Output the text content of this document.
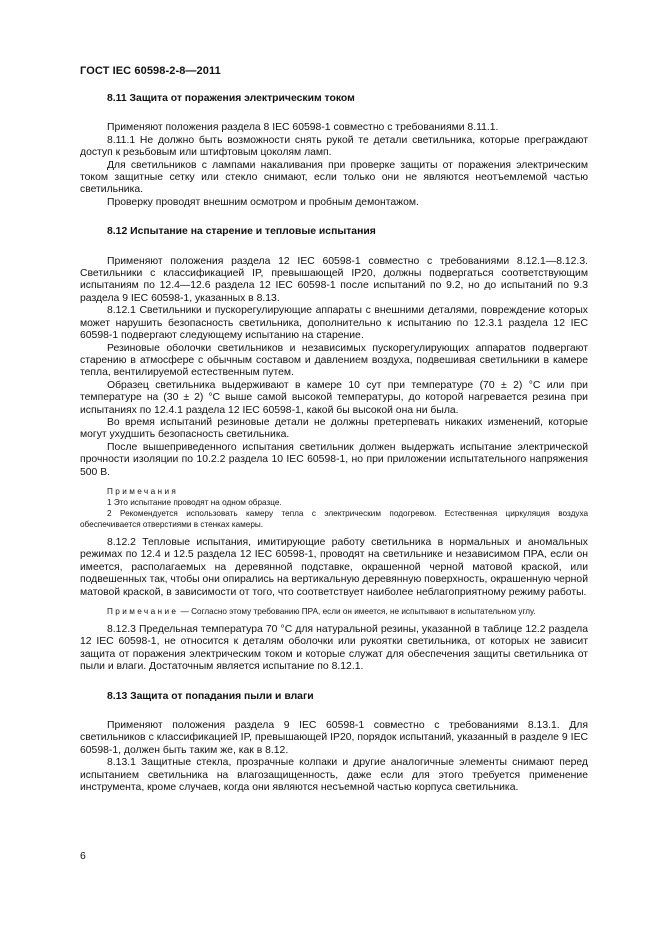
ГОСТ IEC 60598-2-8—2011
8.11 Защита от поражения электрическим током

Применяют положения раздела 8 IEC 60598-1 совместно с требованиями 8.11.1.

8.11.1 Не должно быть возможности снять рукой те детали светильника, которые преграждают доступ к резьбовым или штифтовым цоколям ламп.

Для светильников с лампами накаливания при проверке защиты от поражения электрическим током защитные сетку или стекло снимают, если только они не являются неотъемлемой частью светильника.

Проверку проводят внешним осмотром и пробным демонтажом.

8.12 Испытание на старение и тепловые испытания

Применяют положения раздела 12 IEC 60598-1 совместно с требованиями 8.12.1—8.12.3. Светильники с классификацией IP, превышающей IP20, должны подвергаться соответствующим испытаниям по 12.4—12.6 раздела 12 IEC 60598-1 после испытаний по 9.2, но до испытаний по 9.3 раздела 9 IEC 60598-1, указанных в 8.13.

8.12.1 Светильники и пускорегулирующие аппараты с внешними деталями, повреждение которых может нарушить безопасность светильника, дополнительно к испытанию по 12.3.1 раздела 12 IEC 60598-1 подвергают следующему испытанию на старение.

Резиновые оболочки светильников и независимых пускорегулирующих аппаратов подвергают старению в атмосфере с обычным составом и давлением воздуха, подвешивая светильники в камере тепла, вентилируемой естественным путем.

Образец светильника выдерживают в камере 10 сут при температуре (70 ± 2) °С или при температуре на (30 ± 2) °С выше самой высокой температуры, до которой нагревается резина при испытаниях по 12.4.1 раздела 12 IEC 60598-1, какой бы высокой она ни была.

Во время испытаний резиновые детали не должны претерпевать никаких изменений, которые могут ухудшить безопасность светильника.

После вышеприведенного испытания светильник должен выдержать испытание электрической прочности изоляции по 10.2.2 раздела 10 IEC 60598-1, но при приложении испытательного напряжения 500 В.

Примечания

1 Это испытание проводят на одном образце.

2 Рекомендуется использовать камеру тепла с электрическим подогревом. Естественная циркуляция воздуха обеспечивается отверстиями в стенках камеры.

8.12.2 Тепловые испытания, имитирующие работу светильника в нормальных и аномальных режимах по 12.4 и 12.5 раздела 12 IEC 60598-1, проводят на светильнике и независимом ПРА, если он имеется, располагаемых на деревянной подставке, окрашенной черной матовой краской, или подвешенных так, чтобы они опирались на вертикальную деревянную поверхность, окрашенную черной матовой краской, в зависимости от того, что соответствует наиболее неблагоприятному режиму работы.

Примечание — Согласно этому требованию ПРА, если он имеется, не испытывают в испытательном углу.

8.12.3 Предельная температура 70 °С для натуральной резины, указанной в таблице 12.2 раздела 12 IEC 60598-1, не относится к деталям оболочки или рукоятки светильника, от которых не зависит защита от поражения электрическим током и которые служат для обеспечения защиты светильника от пыли и влаги. Достаточным является испытание по 8.12.1.

8.13 Защита от попадания пыли и влаги

Применяют положения раздела 9 IEC 60598-1 совместно с требованиями 8.13.1. Для светильников с классификацией IP, превышающей IP20, порядок испытаний, указанный в разделе 9 IEC 60598-1, должен быть таким же, как в 8.12.

8.13.1 Защитные стекла, прозрачные колпаки и другие аналогичные элементы снимают перед испытанием светильника на влагозащищенность, даже если для этого требуется применение инструмента, кроме случаев, когда они являются несъемной частью корпуса светильника.

6
